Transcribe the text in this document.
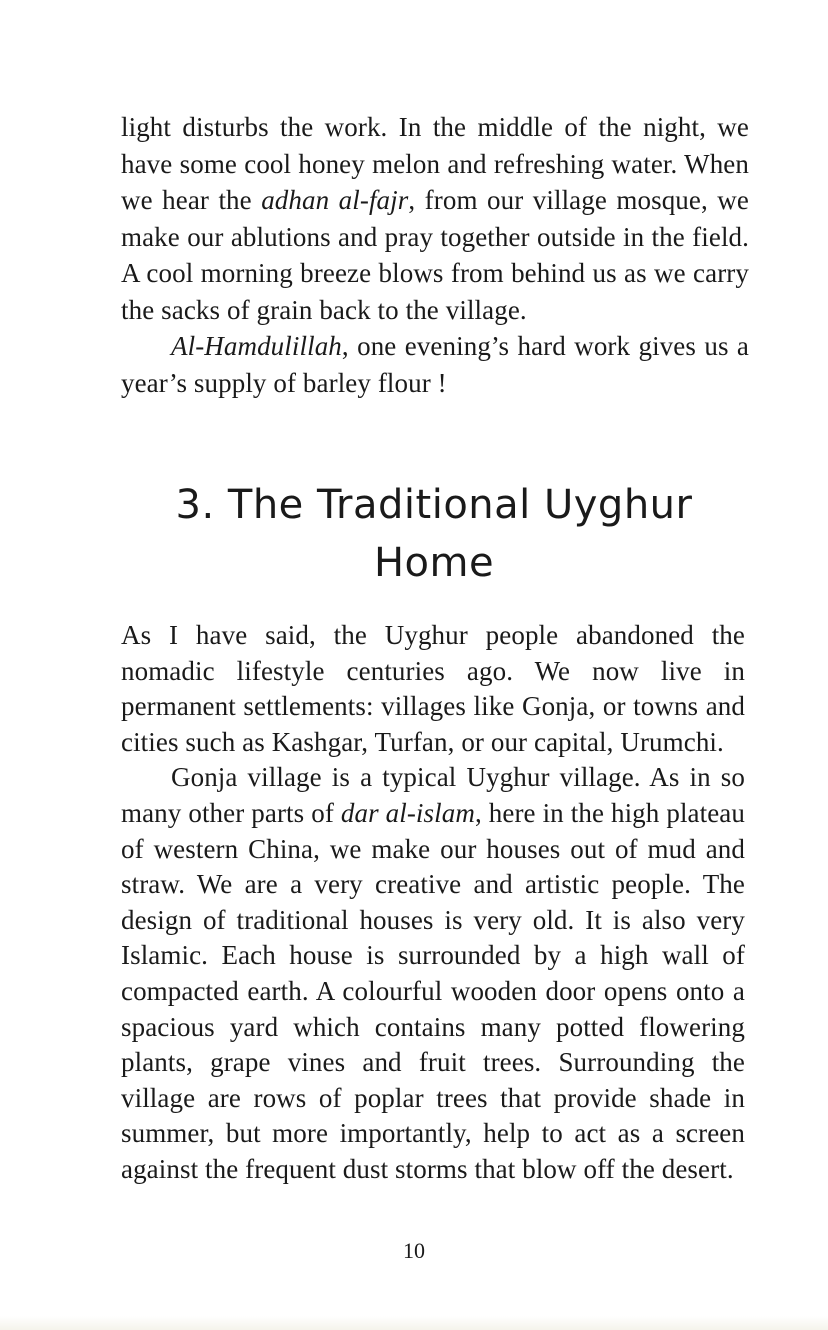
light disturbs the work. In the middle of the night, we have some cool honey melon and refreshing water. When we hear the adhan al-fajr, from our village mosque, we make our ablutions and pray together outside in the field. A cool morning breeze blows from behind us as we carry the sacks of grain back to the village.

Al-Hamdulillah, one evening’s hard work gives us a year’s supply of barley flour !

3. The Traditional Uyghur
Home

As I have said, the Uyghur people abandoned the nomadic lifestyle centuries ago. We now live in permanent settlements: villages like Gonja, or towns and cities such as Kashgar, Turfan, or our capital, Urumchi.

Gonja village is a typical Uyghur village. As in so many other parts of dar al-islam, here in the high plateau of western China, we make our houses out of mud and straw. We are a very creative and artistic people. The design of traditional houses is very old. It is also very Islamic. Each house is surrounded by a high wall of compacted earth. A colourful wooden door opens onto a spacious yard which contains many potted flowering plants, grape vines and fruit trees. Surrounding the village are rows of poplar trees that provide shade in summer, but more importantly, help to act as a screen against the frequent dust storms that blow off the desert.

10
